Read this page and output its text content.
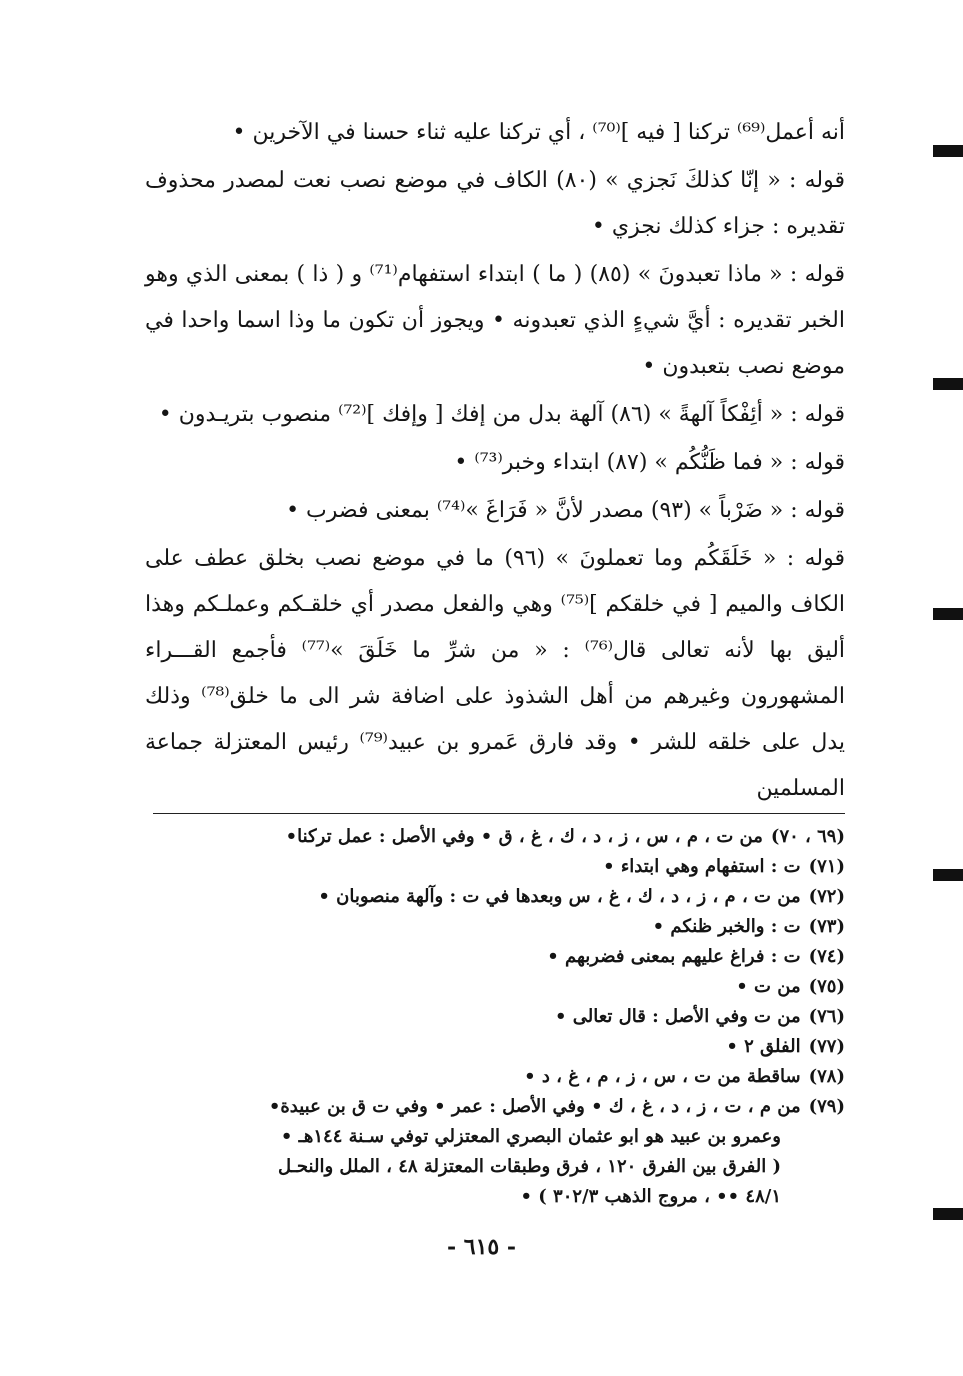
أنه أعمل⁽⁶⁹⁾ تركنا [ فيه ]⁽⁷⁰⁾ ، أي تركنا عليه ثناء حسنا في الآخرين •

قوله : « إنّا كذلكَ نَجزي » (٨٠) الكاف في موضع نصب نعت لمصدر محذوف تقديره : جزاء كذلك نجزي •

قوله : « ماذا تعبدونَ » (٨٥) ( ما ) ابتداء استفهام⁽⁷¹⁾ و ( ذا ) بمعنى الذي وهو الخبر تقديره : أيَّ شيءٍ الذي تعبدونه • ويجوز أن تكون ما وذا اسما واحدا في موضع نصب بتعبدون •

قوله : « أئِفْكاً آلهةً » (٨٦) آلهة بدل من إفك [ وإفك ]⁽⁷²⁾ منصوب بتريـدون •

قوله : « فما ظَنُّكُم » (٨٧) ابتداء وخبر⁽⁷³⁾ •

قوله : « ضَرْباً » (٩٣) مصدر لأنَّ « فَرَاغَ »⁽⁷⁴⁾ بمعنى فضرب •

قوله : « خَلَقَكُم وما تعملونَ » (٩٦) ما في موضع نصب بخلق عطف على الكاف والميم [ في خلقكم ]⁽⁷⁵⁾ وهي والفعل مصدر أي خلقـكم وعملـكم وهذا أليق بها لأنه تعالى قال⁽⁷⁶⁾ : « من شرِّ ما خَلَقَ »⁽⁷⁷⁾ فأجمع القـــراء المشهورون وغيرهم من أهل الشذوذ على اضافة شر الى ما خلق⁽⁷⁸⁾ وذلك يدل على خلقه للشر • وقد فارق عَمرو بن عبيد⁽⁷⁹⁾ رئيس المعتزلة جماعة المسلمين

(٦٩ ، ٧٠)
من ت ، م ، س ، ز ، د ، ك ، غ ، ق • وفي الأصل : عمل تركنا•
(٧١)
ت : استفهام وهي ابتداء •
(٧٢)
من ت ، م ، ز ، د ، ك ، غ ، س وبعدها في ت : وآلهة منصوبان •
(٧٣)
ت : والخبر ظنكم •
(٧٤)
ت : فراغ عليهم بمعنى فضربهم •
(٧٥)
من ت •
(٧٦)
من ت وفي الأصل : قال تعالى •
(٧٧)
الفلق ٢ •
(٧٨)
ساقطة من ت ، س ، ز ، م ، غ ، د •
(٧٩)
من م ، ت ، ز ، د ، غ ، ك • وفي الأصل : عمر • وفي ت ق بن عبيدة•
وعمرو بن عبيد هو ابو عثمان البصري المعتزلي توفي سـنة ١٤٤هـ •
( الفرق بين الفرق ١٢٠ ، فرق وطبقات المعتزلة ٤٨ ، الملل والنحـل
٤٨/١ •• ، مروج الذهب ٣٠٢/٣ ) •
- ٦١٥ -
